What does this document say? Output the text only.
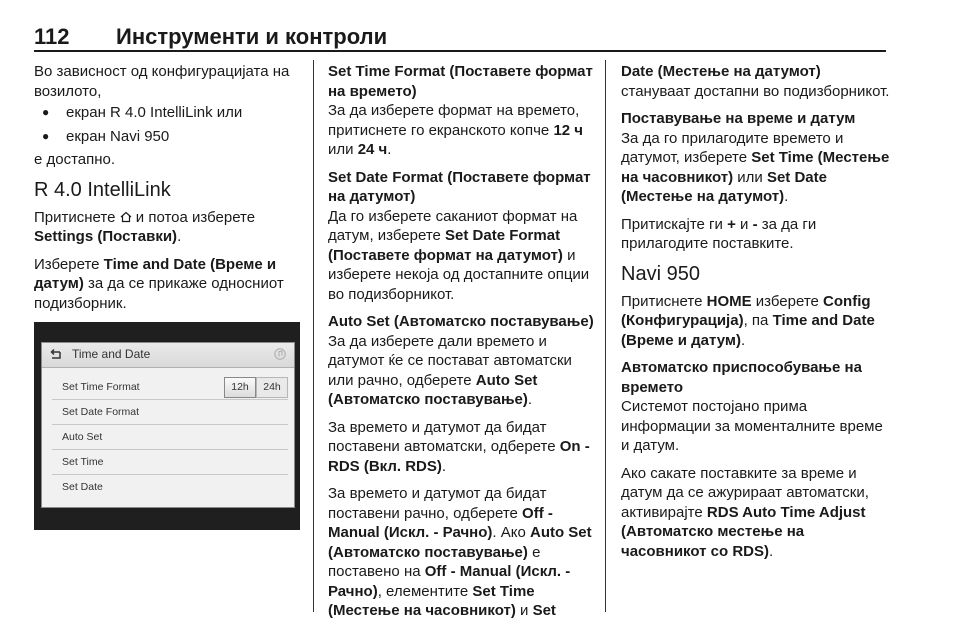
112 Инструменти и контроли

Во зависност од конфигурацијата на возилото,

● екран R 4.0 IntelliLink или
● екран Navi 950

е достапно.

R 4.0 IntelliLink

Притиснете и потоа изберете Settings (Поставки).

Изберете Time and Date (Време и датум) за да се прикаже односниот подизборник.

Time and Date
Set Time Format	12h	24h
Set Date Format
Auto Set
Set Time
Set Date
Set Time Format (Поставете формат на времето)

За да изберете формат на времето, притиснете го екранското копче 12 ч или 24 ч.

Set Date Format (Поставете формат на датумот)

Да го изберете саканиот формат на датум, изберете Set Date Format (Поставете формат на датумот) и изберете некоја од достапните опции во подизборникот.

Auto Set (Автоматско поставување)

За да изберете дали времето и датумот ќе се постават автоматски или рачно, одберете Auto Set (Автоматско поставување).

За времето и датумот да бидат поставени автоматски, одберете On - RDS (Вкл. RDS).

За времето и датумот да бидат поставени рачно, одберете Off - Manual (Искл. - Рачно). Ако Auto Set (Автоматско поставување) е поставено на Off - Manual (Искл. - Рачно), елементите Set Time (Местење на часовникот) и Set

Date (Местење на датумот) стануваат достапни во подизборникот.

Поставување на време и датум

За да го прилагодите времето и датумот, изберете Set Time (Местење на часовникот) или Set Date (Местење на датумот).

Притискајте ги + и - за да ги прилагодите поставките.

Navi 950

Притиснете HOME изберете Config (Конфигурација), па Time and Date (Време и датум).

Автоматско приспособување на времето

Системот постојано прима информации за моменталните време и датум.

Ако сакате поставките за време и датум да се ажурираат автоматски, активирајте RDS Auto Time Adjust (Автоматско местење на часовникот со RDS).
